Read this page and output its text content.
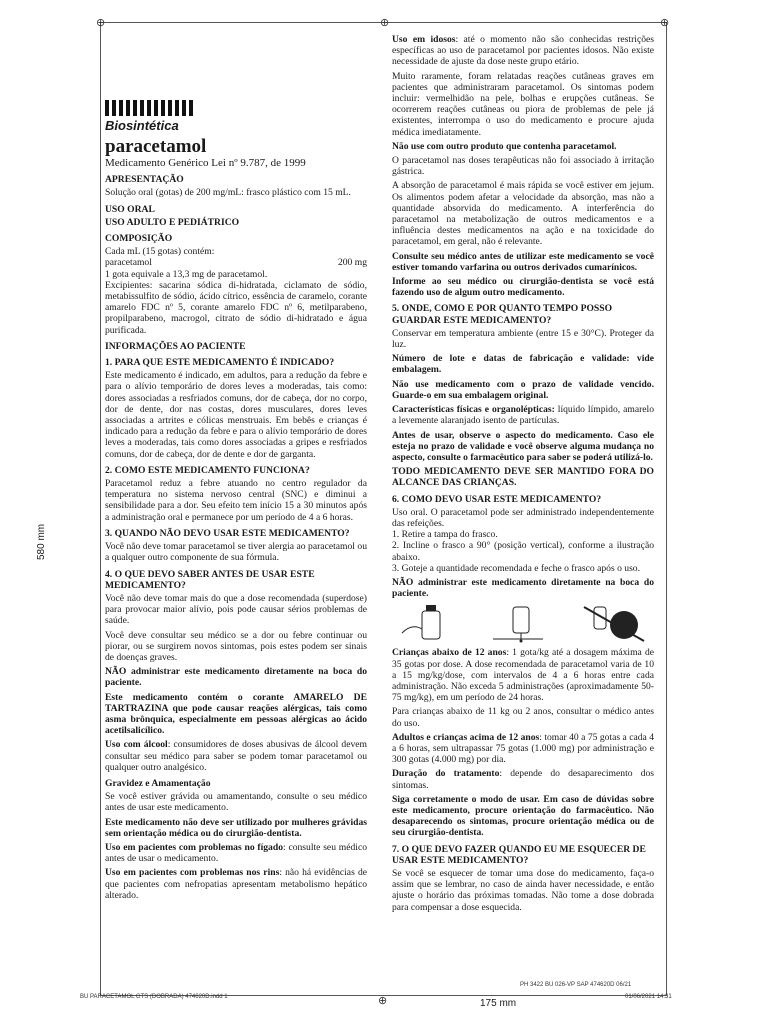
⊕
⊕	⊕
⊕
580 mm
Biosintética
paracetamol

Medicamento Genérico Lei nº 9.787, de 1999

APRESENTAÇÃO

Solução oral (gotas) de 200 mg/mL: frasco plástico com 15 mL.

USO ORAL
USO ADULTO E PEDIÁTRICO
COMPOSIÇÃO

Cada mL (15 gotas) contém:

paracetamol	200 mg

1 gota equivale a 13,3 mg de paracetamol.

Excipientes: sacarina sódica di-hidratada, ciclamato de sódio, metabissulfito de sódio, ácido cítrico, essência de caramelo, corante amarelo FDC nº 5, corante amarelo FDC nº 6, metilparabeno, propilparabeno, macrogol, citrato de sódio di-hidratado e água purificada.

INFORMAÇÕES AO PACIENTE
1. PARA QUE ESTE MEDICAMENTO É INDICADO?

Este medicamento é indicado, em adultos, para a redução da febre e para o alívio temporário de dores leves a moderadas, tais como: dores associadas a resfriados comuns, dor de cabeça, dor no corpo, dor de dente, dor nas costas, dores musculares, dores leves associadas a artrites e cólicas menstruais. Em bebês e crianças é indicado para a redução da febre e para o alívio temporário de dores leves a moderadas, tais como dores associadas a gripes e resfriados comuns, dor de cabeça, dor de dente e dor de garganta.

2. COMO ESTE MEDICAMENTO FUNCIONA?

Paracetamol reduz a febre atuando no centro regulador da temperatura no sistema nervoso central (SNC) e diminui a sensibilidade para a dor. Seu efeito tem início 15 a 30 minutos após a administração oral e permanece por um período de 4 a 6 horas.

3. QUANDO NÃO DEVO USAR ESTE MEDICAMENTO?

Você não deve tomar paracetamol se tiver alergia ao paracetamol ou a qualquer outro componente de sua fórmula.

4. O QUE DEVO SABER ANTES DE USAR ESTE MEDICAMENTO?

Você não deve tomar mais do que a dose recomendada (superdose) para provocar maior alívio, pois pode causar sérios problemas de saúde.

Você deve consultar seu médico se a dor ou febre continuar ou piorar, ou se surgirem novos sintomas, pois estes podem ser sinais de doenças graves.

NÃO administrar este medicamento diretamente na boca do paciente.

Este medicamento contém o corante AMARELO DE TARTRAZINA que pode causar reações alérgicas, tais como asma brônquica, especialmente em pessoas alérgicas ao ácido acetilsalicílico.

Uso com álcool: consumidores de doses abusivas de álcool devem consultar seu médico para saber se podem tomar paracetamol ou qualquer outro analgésico.

Gravidez e Amamentação

Se você estiver grávida ou amamentando, consulte o seu médico antes de usar este medicamento.

Este medicamento não deve ser utilizado por mulheres grávidas sem orientação médica ou do cirurgião-dentista.

Uso em pacientes com problemas no fígado: consulte seu médico antes de usar o medicamento.

Uso em pacientes com problemas nos rins: não há evidências de que pacientes com nefropatias apresentam metabolismo hepático alterado.

Uso em idosos: até o momento não são conhecidas restrições específicas ao uso de paracetamol por pacientes idosos. Não existe necessidade de ajuste da dose neste grupo etário.

Muito raramente, foram relatadas reações cutâneas graves em pacientes que administraram paracetamol. Os sintomas podem incluir: vermelhidão na pele, bolhas e erupções cutâneas. Se ocorrerem reações cutâneas ou piora de problemas de pele já existentes, interrompa o uso do medicamento e procure ajuda médica imediatamente.

Não use com outro produto que contenha paracetamol.

O paracetamol nas doses terapêuticas não foi associado à irritação gástrica.

A absorção de paracetamol é mais rápida se você estiver em jejum. Os alimentos podem afetar a velocidade da absorção, mas não a quantidade absorvida do medicamento. A interferência do paracetamol na metabolização de outros medicamentos e a influência destes medicamentos na ação e na toxicidade do paracetamol, em geral, não é relevante.

Consulte seu médico antes de utilizar este medicamento se você estiver tomando varfarina ou outros derivados cumarínicos.

Informe ao seu médico ou cirurgião-dentista se você está fazendo uso de algum outro medicamento.

5. ONDE, COMO E POR QUANTO TEMPO POSSO GUARDAR ESTE MEDICAMENTO?

Conservar em temperatura ambiente (entre 15 e 30°C). Proteger da luz.

Número de lote e datas de fabricação e validade: vide embalagem.

Não use medicamento com o prazo de validade vencido. Guarde-o em sua embalagem original.

Características físicas e organolépticas: líquido límpido, amarelo a levemente alaranjado isento de partículas.

Antes de usar, observe o aspecto do medicamento. Caso ele esteja no prazo de validade e você observe alguma mudança no aspecto, consulte o farmacêutico para saber se poderá utilizá-lo.

TODO MEDICAMENTO DEVE SER MANTIDO FORA DO ALCANCE DAS CRIANÇAS.

6. COMO DEVO USAR ESTE MEDICAMENTO?

Uso oral. O paracetamol pode ser administrado independentemente das refeições.

1. Retire a tampa do frasco.

2. Incline o frasco a 90° (posição vertical), conforme a ilustração abaixo.

3. Goteje a quantidade recomendada e feche o frasco após o uso.

NÃO administrar este medicamento diretamente na boca do paciente.

Crianças abaixo de 12 anos: 1 gota/kg até a dosagem máxima de 35 gotas por dose. A dose recomendada de paracetamol varia de 10 a 15 mg/kg/dose, com intervalos de 4 a 6 horas entre cada administração. Não exceda 5 administrações (aproximadamente 50-75 mg/kg), em um período de 24 horas.

Para crianças abaixo de 11 kg ou 2 anos, consultar o médico antes do uso.

Adultos e crianças acima de 12 anos: tomar 40 a 75 gotas a cada 4 a 6 horas, sem ultrapassar 75 gotas (1.000 mg) por administração e 300 gotas (4.000 mg) por dia.

Duração do tratamento: depende do desaparecimento dos sintomas.

Siga corretamente o modo de usar. Em caso de dúvidas sobre este medicamento, procure orientação do farmacêutico. Não desaparecendo os sintomas, procure orientação médica ou de seu cirurgião-dentista.

7. O QUE DEVO FAZER QUANDO EU ME ESQUECER DE USAR ESTE MEDICAMENTO?

Se você se esquecer de tomar uma dose do medicamento, faça-o assim que se lembrar, no caso de ainda haver necessidade, e então ajuste o horário das próximas tomadas. Não tome a dose dobrada para compensar a dose esquecida.

BU PARACETAMOL GTS (DOBRADA) 474620D.indd 1
PH 3422 BU 026-VP SAP 474620D 06/21
01/06/2021 14:31
175 mm
